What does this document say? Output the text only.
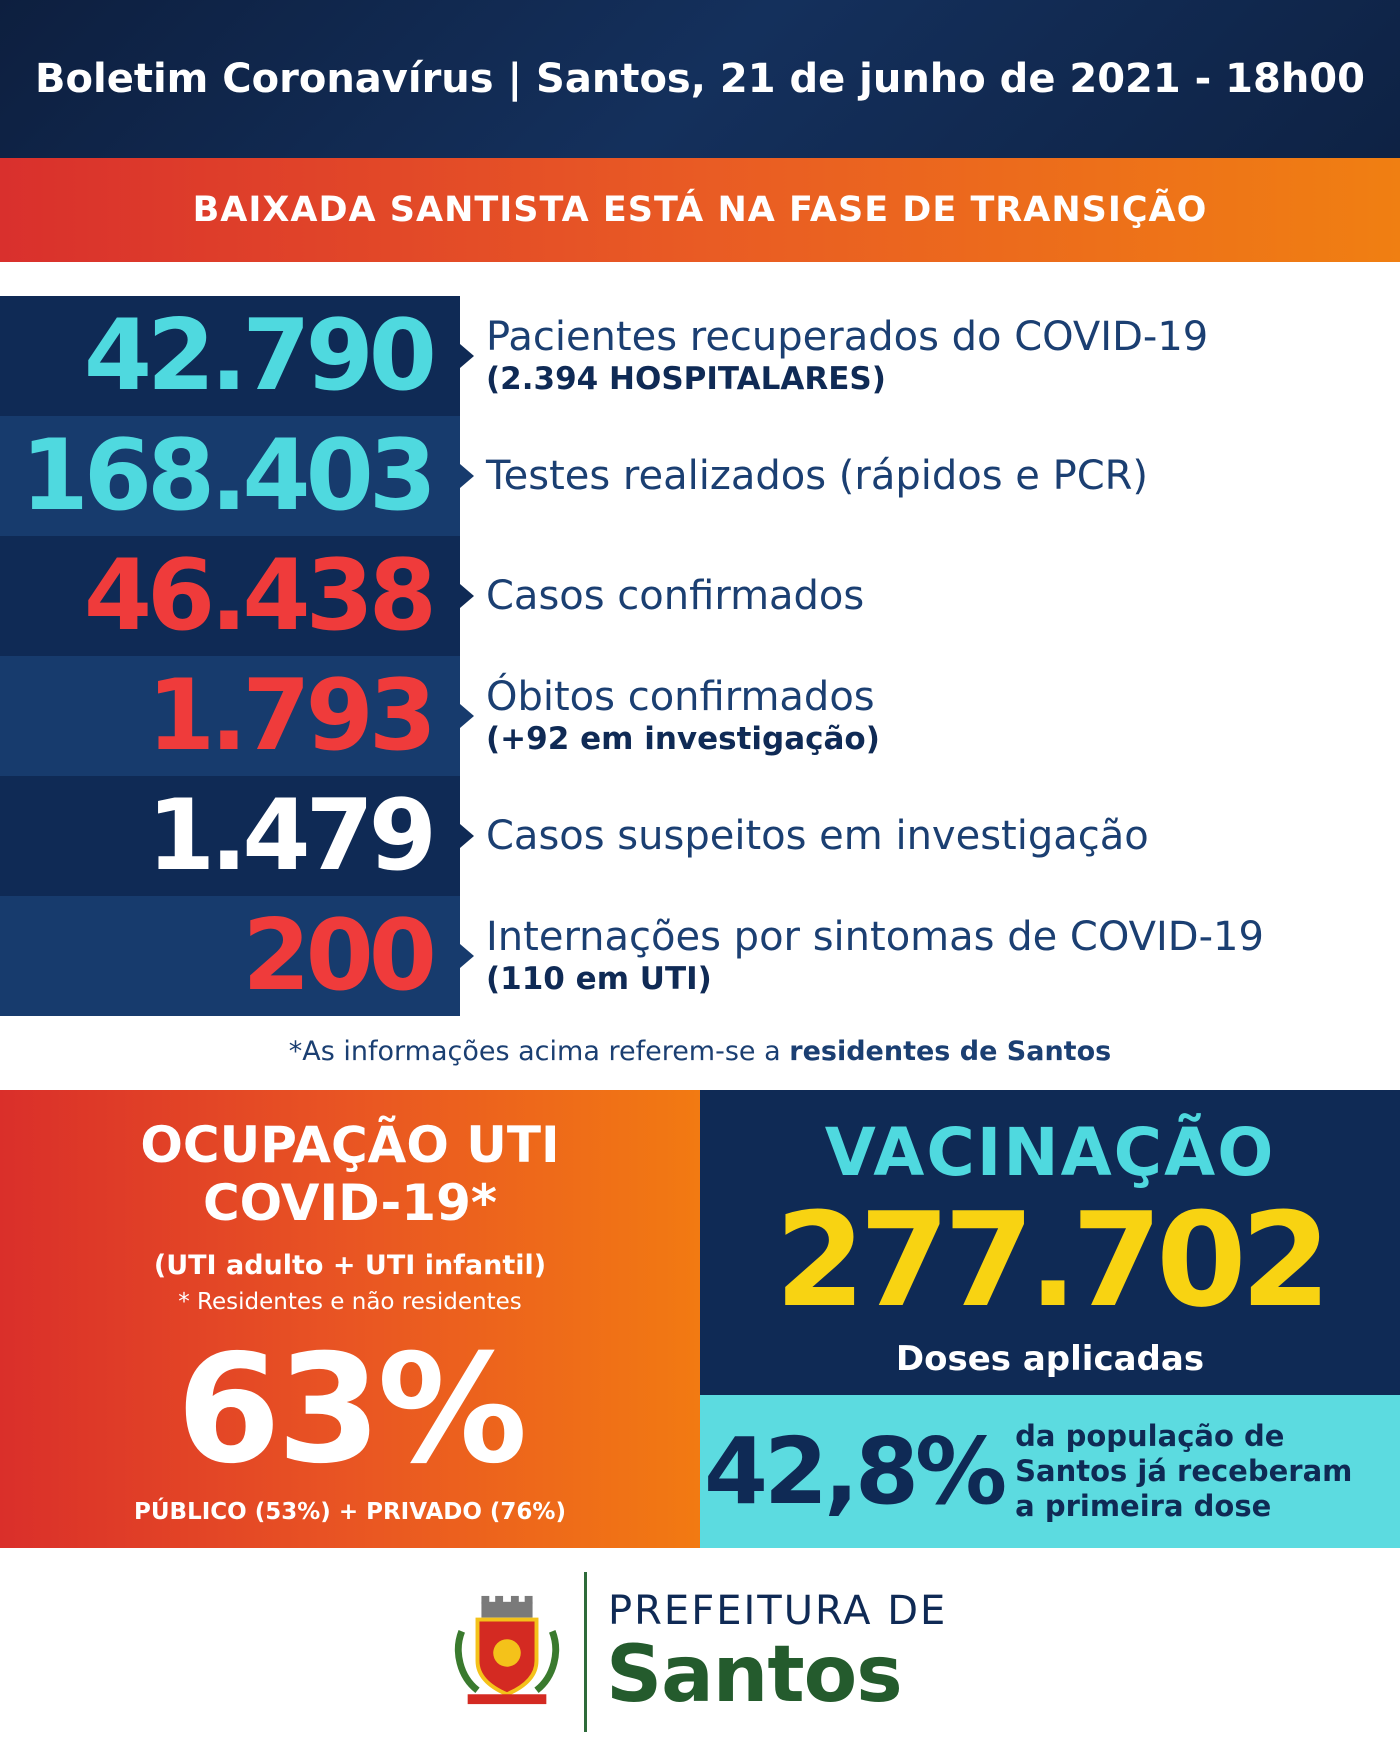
Boletim Coronavírus | Santos, 21 de junho de 2021 - 18h00
BAIXADA SANTISTA ESTÁ NA FASE DE TRANSIÇÃO
42.790 Pacientes recuperados do COVID-19
(2.394 HOSPITALARES)
168.403 Testes realizados (rápidos e PCR)
46.438 Casos confirmados
1.793 Óbitos confirmados
(+92 em investigação)
1.479 Casos suspeitos em investigação
200 Internações por sintomas de COVID-19
(110 em UTI)
*As informações acima referem-se a residentes de Santos
OCUPAÇÃO UTI
COVID-19*
(UTI adulto + UTI infantil)
* Residentes e não residentes
63%
PÚBLICO (53%) + PRIVADO (76%)
VACINAÇÃO
277.702
Doses aplicadas
42,8% da população de Santos já receberam a primeira dose
PREFEITURA DE
Santos
